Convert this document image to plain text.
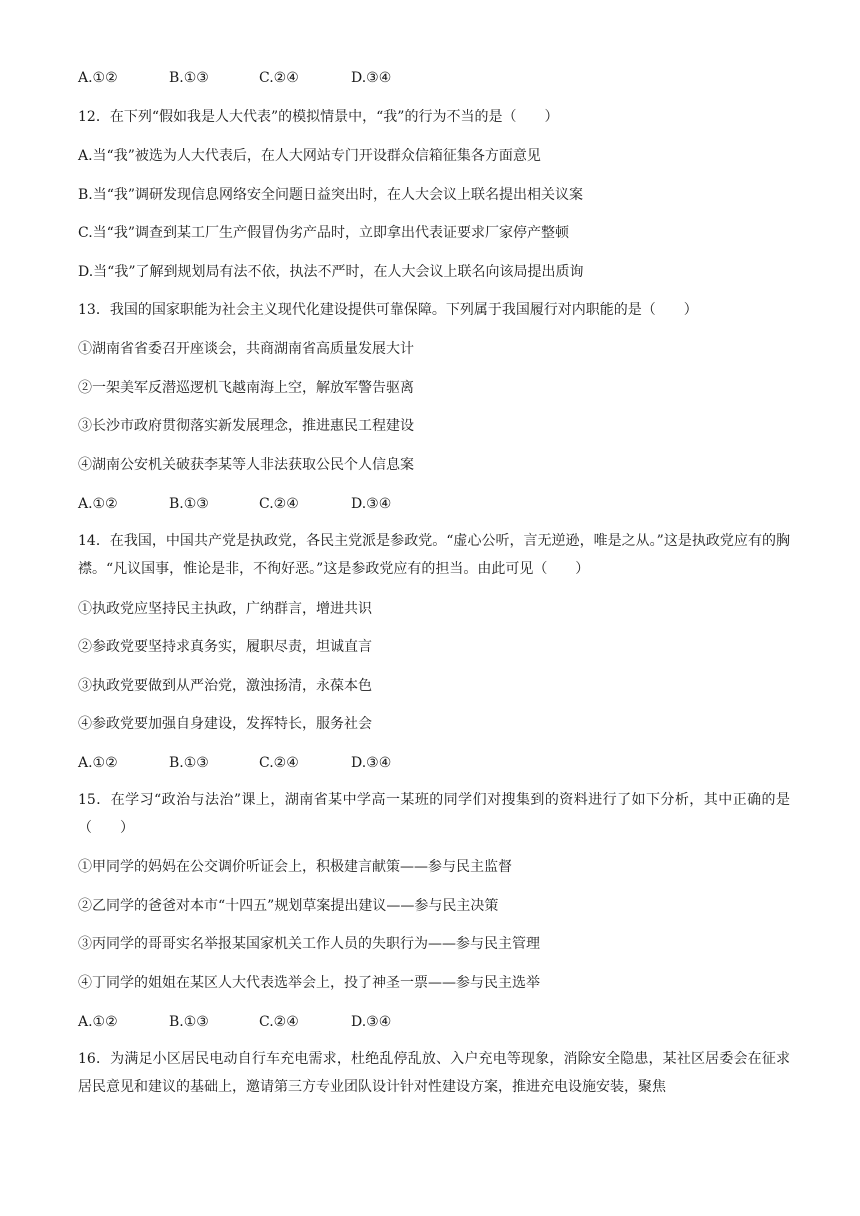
A.①②	B.①③	C.②④	D.③④
12．在下列“假如我是人大代表”的模拟情景中，“我”的行为不当的是（　　）
A.当“我”被选为人大代表后，在人大网站专门开设群众信箱征集各方面意见
B.当“我”调研发现信息网络安全问题日益突出时，在人大会议上联名提出相关议案
C.当“我”调查到某工厂生产假冒伪劣产品时，立即拿出代表证要求厂家停产整顿
D.当“我”了解到规划局有法不依，执法不严时，在人大会议上联名向该局提出质询
13．我国的国家职能为社会主义现代化建设提供可靠保障。下列属于我国履行对内职能的是（　　）
①湖南省省委召开座谈会，共商湖南省高质量发展大计
②一架美军反潜巡逻机飞越南海上空，解放军警告驱离
③长沙市政府贯彻落实新发展理念，推进惠民工程建设
④湖南公安机关破获李某等人非法获取公民个人信息案
A.①②	B.①③	C.②④	D.③④
14．在我国，中国共产党是执政党，各民主党派是参政党。“虚心公听，言无逆逊，唯是之从。”这是执政党应有的胸襟。“凡议国事，惟论是非，不徇好恶。”这是参政党应有的担当。由此可见（　　）
①执政党应坚持民主执政，广纳群言，增进共识
②参政党要坚持求真务实，履职尽责，坦诚直言
③执政党要做到从严治党，激浊扬清，永葆本色
④参政党要加强自身建设，发挥特长，服务社会
A.①②	B.①③	C.②④	D.③④
15．在学习“政治与法治”课上，湖南省某中学高一某班的同学们对搜集到的资料进行了如下分析，其中正确的是（　　）
①甲同学的妈妈在公交调价听证会上，积极建言献策——参与民主监督
②乙同学的爸爸对本市“十四五”规划草案提出建议——参与民主决策
③丙同学的哥哥实名举报某国家机关工作人员的失职行为——参与民主管理
④丁同学的姐姐在某区人大代表选举会上，投了神圣一票——参与民主选举
A.①②	B.①③	C.②④	D.③④
16．为满足小区居民电动自行车充电需求，杜绝乱停乱放、入户充电等现象，消除安全隐患，某社区居委会在征求居民意见和建议的基础上，邀请第三方专业团队设计针对性建设方案，推进充电设施安装，聚焦
